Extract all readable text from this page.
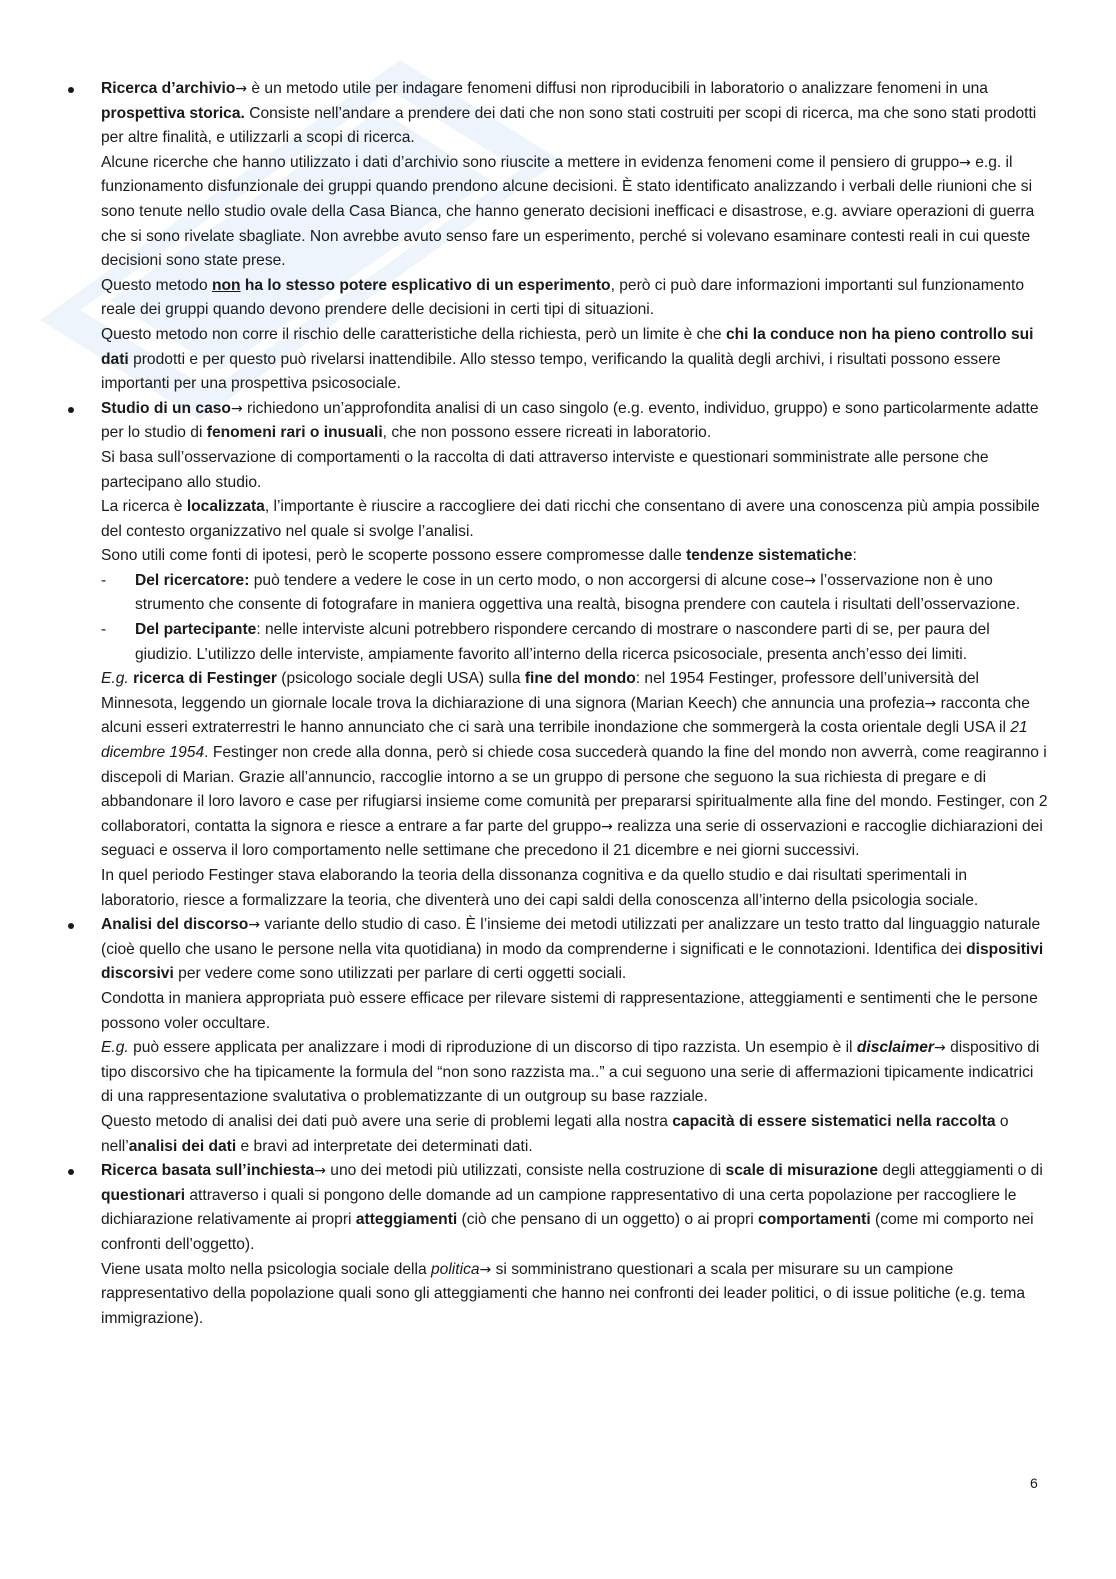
Ricerca d’archivio→ è un metodo utile per indagare fenomeni diffusi non riproducibili in laboratorio o analizzare fenomeni in una prospettiva storica. Consiste nell’andare a prendere dei dati che non sono stati costruiti per scopi di ricerca, ma che sono stati prodotti per altre finalità, e utilizzarli a scopi di ricerca.

Alcune ricerche che hanno utilizzato i dati d’archivio sono riuscite a mettere in evidenza fenomeni come il pensiero di gruppo→ e.g. il funzionamento disfunzionale dei gruppi quando prendono alcune decisioni. È stato identificato analizzando i verbali delle riunioni che si sono tenute nello studio ovale della Casa Bianca, che hanno generato decisioni inefficaci e disastrose, e.g. avviare operazioni di guerra che si sono rivelate sbagliate. Non avrebbe avuto senso fare un esperimento, perché si volevano esaminare contesti reali in cui queste decisioni sono state prese.

Questo metodo non ha lo stesso potere esplicativo di un esperimento, però ci può dare informazioni importanti sul funzionamento reale dei gruppi quando devono prendere delle decisioni in certi tipi di situazioni.

Questo metodo non corre il rischio delle caratteristiche della richiesta, però un limite è che chi la conduce non ha pieno controllo sui dati prodotti e per questo può rivelarsi inattendibile. Allo stesso tempo, verificando la qualità degli archivi, i risultati possono essere importanti per una prospettiva psicosociale.

Studio di un caso→ richiedono un’approfondita analisi di un caso singolo (e.g. evento, individuo, gruppo) e sono particolarmente adatte per lo studio di fenomeni rari o inusuali, che non possono essere ricreati in laboratorio.

Si basa sull’osservazione di comportamenti o la raccolta di dati attraverso interviste e questionari somministrate alle persone che partecipano allo studio.

La ricerca è localizzata, l’importante è riuscire a raccogliere dei dati ricchi che consentano di avere una conoscenza più ampia possibile del contesto organizzativo nel quale si svolge l’analisi.

Sono utili come fonti di ipotesi, però le scoperte possono essere compromesse dalle tendenze sistematiche:

- Del ricercatore: può tendere a vedere le cose in un certo modo, o non accorgersi di alcune cose→ l’osservazione non è uno strumento che consente di fotografare in maniera oggettiva una realtà, bisogna prendere con cautela i risultati dell’osservazione.

- Del partecipante: nelle interviste alcuni potrebbero rispondere cercando di mostrare o nascondere parti di se, per paura del giudizio. L’utilizzo delle interviste, ampiamente favorito all’interno della ricerca psicosociale, presenta anch’esso dei limiti.

E.g. ricerca di Festinger (psicologo sociale degli USA) sulla fine del mondo: nel 1954 Festinger, professore dell’università del Minnesota, leggendo un giornale locale trova la dichiarazione di una signora (Marian Keech) che annuncia una profezia→ racconta che alcuni esseri extraterrestri le hanno annunciato che ci sarà una terribile inondazione che sommergerà la costa orientale degli USA il 21 dicembre 1954. Festinger non crede alla donna, però si chiede cosa succederà quando la fine del mondo non avverrà, come reagiranno i discepoli di Marian. Grazie all’annuncio, raccoglie intorno a se un gruppo di persone che seguono la sua richiesta di pregare e di abbandonare il loro lavoro e case per rifugiarsi insieme come comunità per prepararsi spiritualmente alla fine del mondo. Festinger, con 2 collaboratori, contatta la signora e riesce a entrare a far parte del gruppo→ realizza una serie di osservazioni e raccoglie dichiarazioni dei seguaci e osserva il loro comportamento nelle settimane che precedono il 21 dicembre e nei giorni successivi.

In quel periodo Festinger stava elaborando la teoria della dissonanza cognitiva e da quello studio e dai risultati sperimentali in laboratorio, riesce a formalizzare la teoria, che diventerà uno dei capi saldi della conoscenza all’interno della psicologia sociale.

Analisi del discorso→ variante dello studio di caso. È l’insieme dei metodi utilizzati per analizzare un testo tratto dal linguaggio naturale (cioè quello che usano le persone nella vita quotidiana) in modo da comprenderne i significati e le connotazioni. Identifica dei dispositivi discorsivi per vedere come sono utilizzati per parlare di certi oggetti sociali.

Condotta in maniera appropriata può essere efficace per rilevare sistemi di rappresentazione, atteggiamenti e sentimenti che le persone possono voler occultare.

E.g. può essere applicata per analizzare i modi di riproduzione di un discorso di tipo razzista. Un esempio è il disclaimer→ dispositivo di tipo discorsivo che ha tipicamente la formula del “non sono razzista ma..” a cui seguono una serie di affermazioni tipicamente indicatrici di una rappresentazione svalutativa o problematizzante di un outgroup su base razziale.

Questo metodo di analisi dei dati può avere una serie di problemi legati alla nostra capacità di essere sistematici nella raccolta o nell’analisi dei dati e bravi ad interpretate dei determinati dati.

Ricerca basata sull’inchiesta→ uno dei metodi più utilizzati, consiste nella costruzione di scale di misurazione degli atteggiamenti o di questionari attraverso i quali si pongono delle domande ad un campione rappresentativo di una certa popolazione per raccogliere le dichiarazione relativamente ai propri atteggiamenti (ciò che pensano di un oggetto) o ai propri comportamenti (come mi comporto nei confronti dell’oggetto).

Viene usata molto nella psicologia sociale della politica→ si somministrano questionari a scala per misurare su un campione rappresentativo della popolazione quali sono gli atteggiamenti che hanno nei confronti dei leader politici, o di issue politiche (e.g. tema immigrazione).

6
